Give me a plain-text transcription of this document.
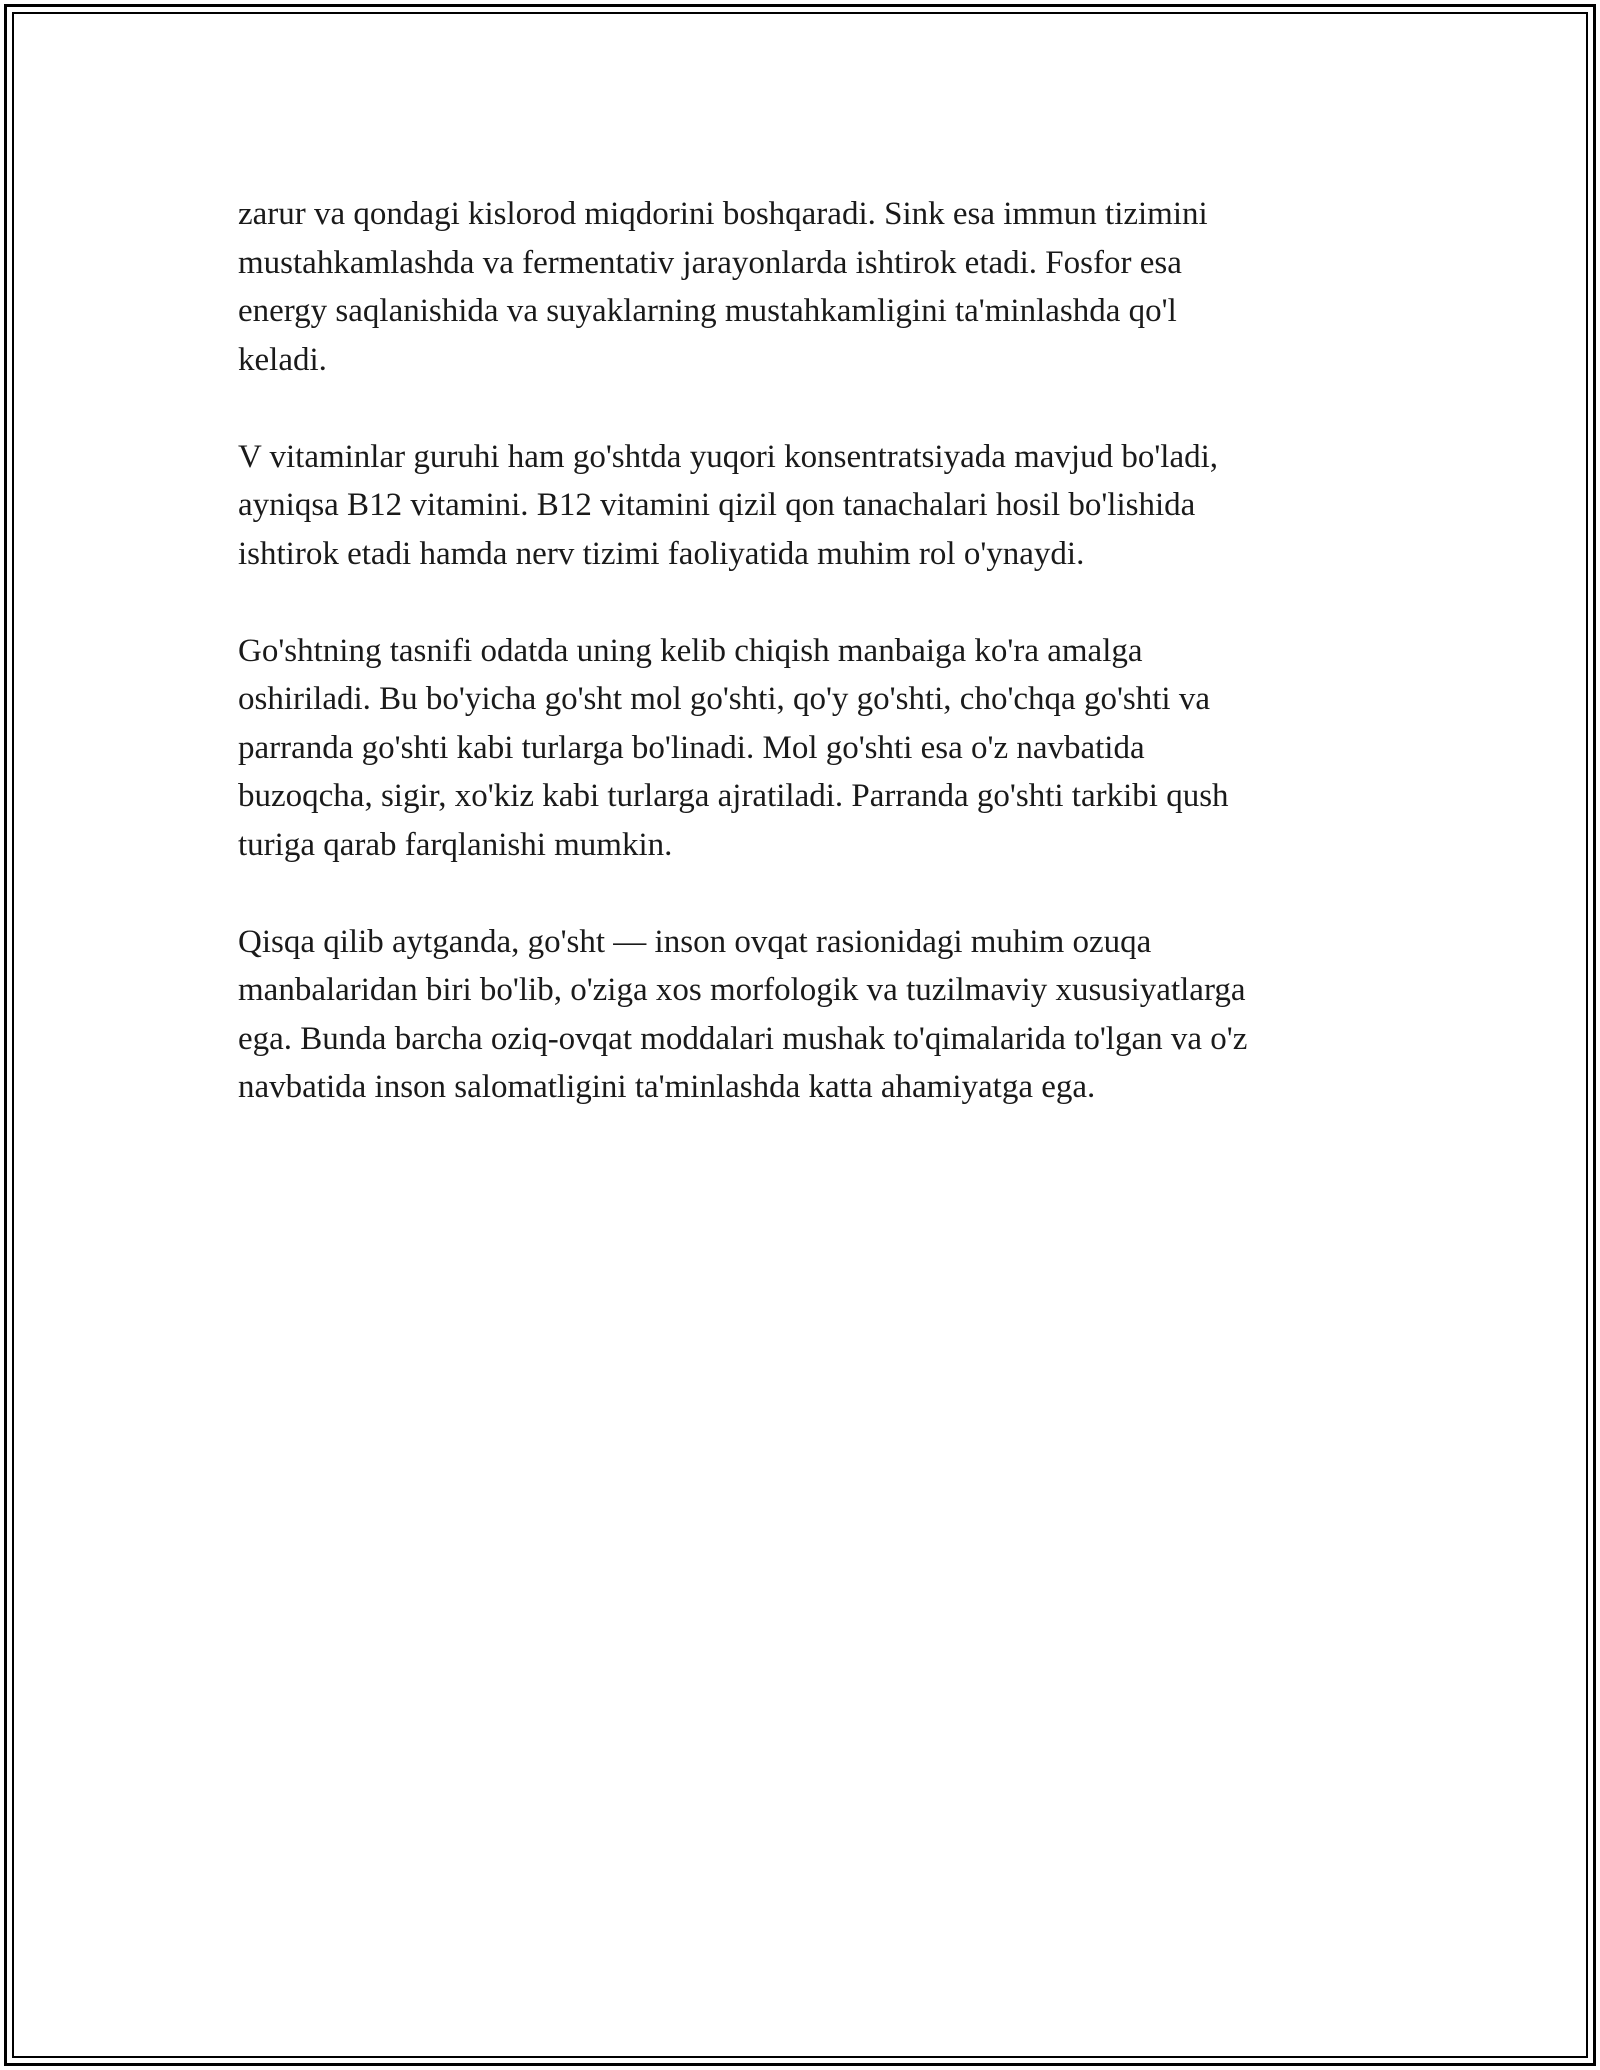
zarur va qondagi kislorod miqdorini boshqaradi. Sink esa immun tizimini
mustahkamlashda va fermentativ jarayonlarda ishtirok etadi. Fosfor esa
energy saqlanishida va suyaklarning mustahkamligini ta'minlashda qo'l
keladi.

V vitaminlar guruhi ham go'shtda yuqori konsentratsiyada mavjud bo'ladi,
ayniqsa B12 vitamini. B12 vitamini qizil qon tanachalari hosil bo'lishida
ishtirok etadi hamda nerv tizimi faoliyatida muhim rol o'ynaydi.

Go'shtning tasnifi odatda uning kelib chiqish manbaiga ko'ra amalga
oshiriladi. Bu bo'yicha go'sht mol go'shti, qo'y go'shti, cho'chqa go'shti va
parranda go'shti kabi turlarga bo'linadi. Mol go'shti esa o'z navbatida
buzoqcha, sigir, xo'kiz kabi turlarga ajratiladi. Parranda go'shti tarkibi qush
turiga qarab farqlanishi mumkin.

Qisqa qilib aytganda, go'sht — inson ovqat rasionidagi muhim ozuqa
manbalaridan biri bo'lib, o'ziga xos morfologik va tuzilmaviy xususiyatlarga
ega. Bunda barcha oziq-ovqat moddalari mushak to'qimalarida to'lgan va o'z
navbatida inson salomatligini ta'minlashda katta ahamiyatga ega.
